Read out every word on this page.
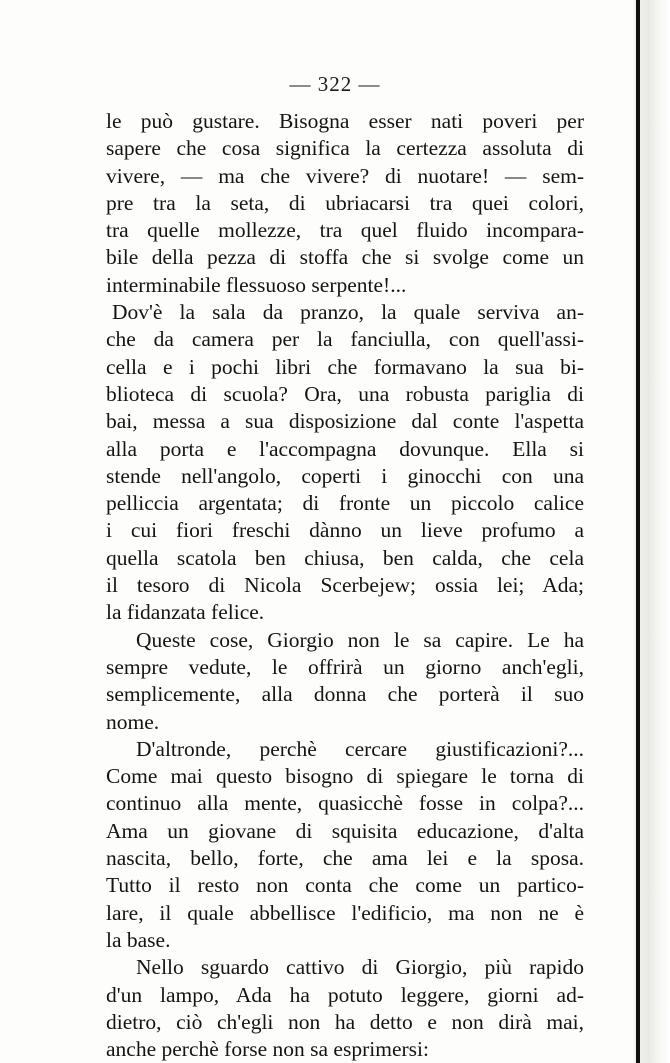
— 322 —
le può gustare. Bisogna esser nati poveri per
sapere che cosa significa la certezza assoluta di
vivere, — ma che vivere? di nuotare! — sem-
pre tra la seta, di ubriacarsi tra quei colori,
tra quelle mollezze, tra quel fluido incompara-
bile della pezza di stoffa che si svolge come un
interminabile flessuoso serpente!...
Dov'è la sala da pranzo, la quale serviva an-
che da camera per la fanciulla, con quell'assi-
cella e i pochi libri che formavano la sua bi-
blioteca di scuola? Ora, una robusta pariglia di
bai, messa a sua disposizione dal conte l'aspetta
alla porta e l'accompagna dovunque. Ella si
stende nell'angolo, coperti i ginocchi con una
pelliccia argentata; di fronte un piccolo calice
i cui fiori freschi dànno un lieve profumo a
quella scatola ben chiusa, ben calda, che cela
il tesoro di Nicola Scerbejew; ossia lei; Ada;
la fidanzata felice.
Queste cose, Giorgio non le sa capire. Le ha
sempre vedute, le offrirà un giorno anch'egli,
semplicemente, alla donna che porterà il suo
nome.
D'altronde, perchè cercare giustificazioni?...
Come mai questo bisogno di spiegare le torna di
continuo alla mente, quasicchè fosse in colpa?...
Ama un giovane di squisita educazione, d'alta
nascita, bello, forte, che ama lei e la sposa.
Tutto il resto non conta che come un partico-
lare, il quale abbellisce l'edificio, ma non ne è
la base.
Nello sguardo cattivo di Giorgio, più rapido
d'un lampo, Ada ha potuto leggere, giorni ad-
dietro, ciò ch'egli non ha detto e non dirà mai,
anche perchè forse non sa esprimersi:
